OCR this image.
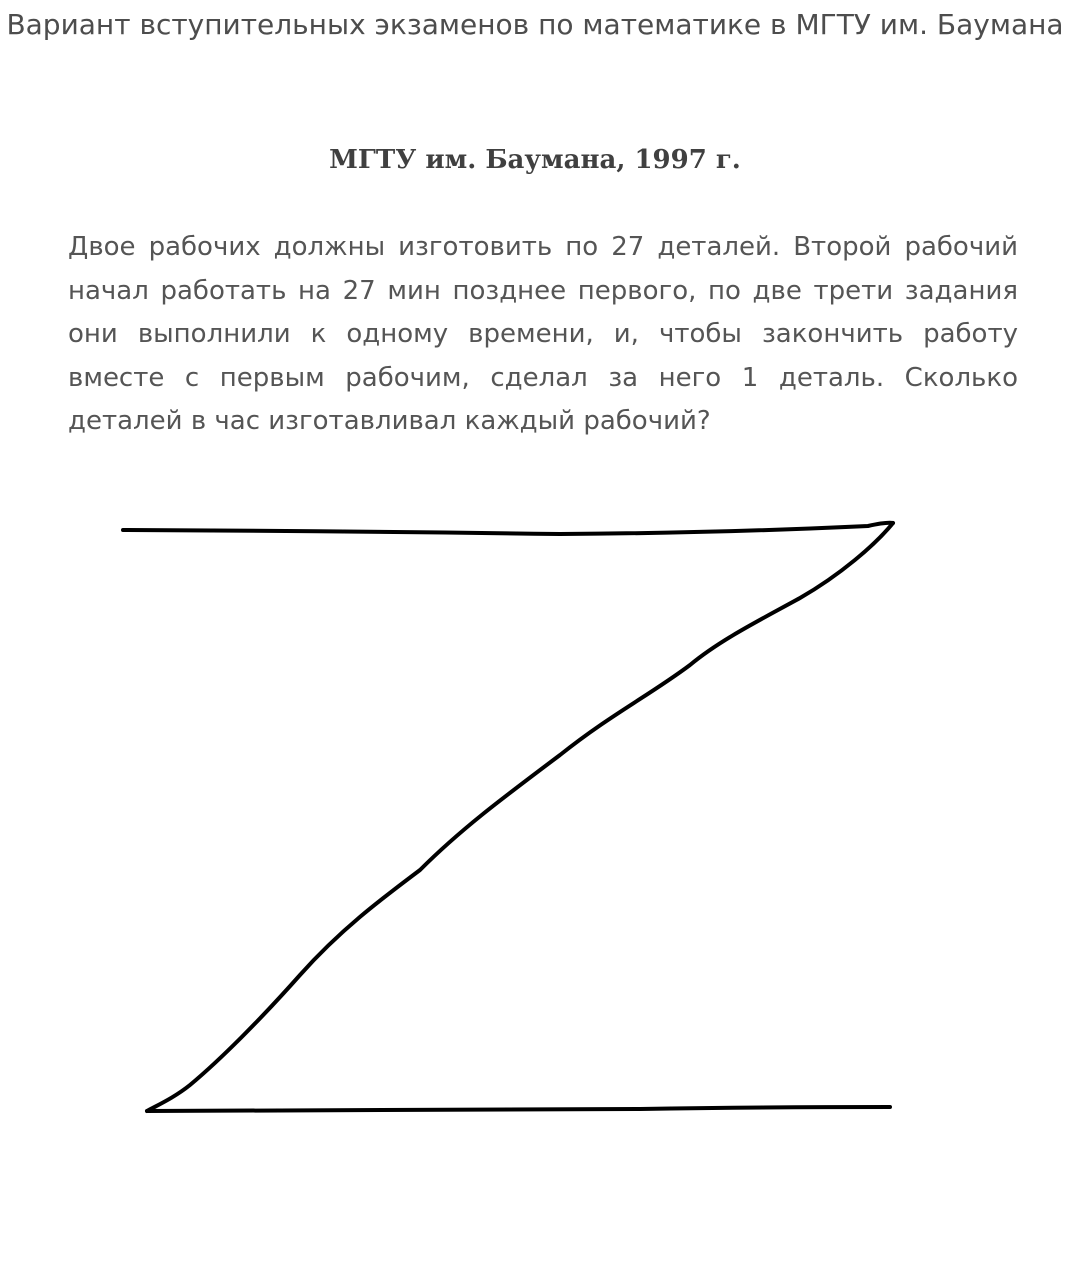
Вариант вступительных экзаменов по математике в МГТУ им. Баумана
МГТУ им. Баумана, 1997 г.

Двое рабочих должны изготовить по 27 деталей. Второй рабочий начал работать на 27 мин позднее первого, по две трети задания они выполнили к одному времени, и, чтобы закончить работу вместе с первым рабочим, сделал за него 1 деталь. Сколько деталей в час изготавливал каждый рабочий?
